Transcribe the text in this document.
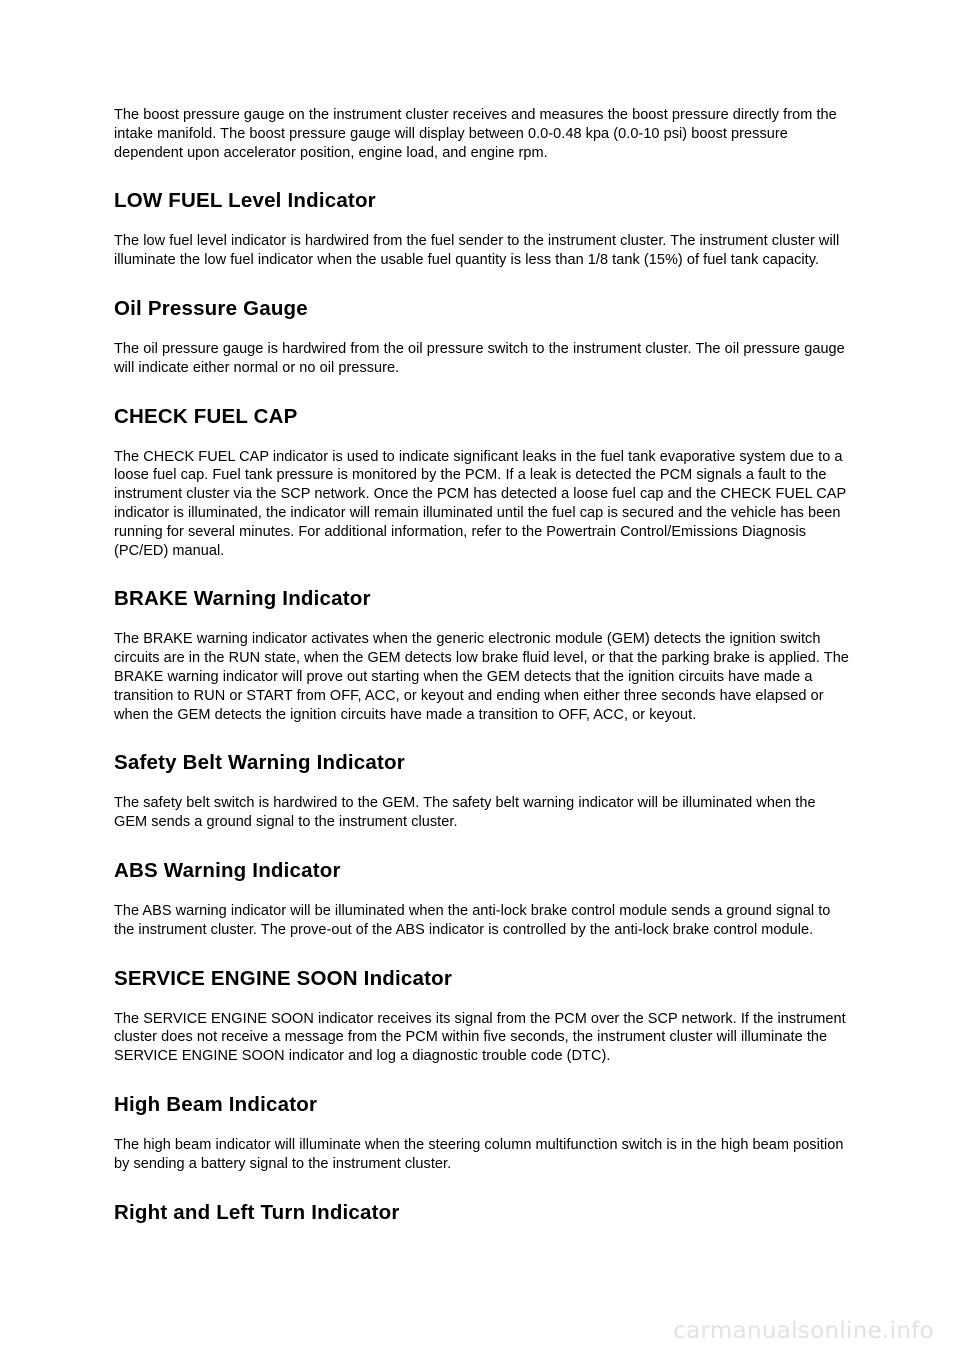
The boost pressure gauge on the instrument cluster receives and measures the boost pressure directly from the intake manifold. The boost pressure gauge will display between 0.0-0.48 kpa (0.0-10 psi) boost pressure dependent upon accelerator position, engine load, and engine rpm.

LOW FUEL Level Indicator

The low fuel level indicator is hardwired from the fuel sender to the instrument cluster. The instrument cluster will illuminate the low fuel indicator when the usable fuel quantity is less than 1/8 tank (15%) of fuel tank capacity.

Oil Pressure Gauge

The oil pressure gauge is hardwired from the oil pressure switch to the instrument cluster. The oil pressure gauge will indicate either normal or no oil pressure.

CHECK FUEL CAP

The CHECK FUEL CAP indicator is used to indicate significant leaks in the fuel tank evaporative system due to a loose fuel cap. Fuel tank pressure is monitored by the PCM. If a leak is detected the PCM signals a fault to the instrument cluster via the SCP network. Once the PCM has detected a loose fuel cap and the CHECK FUEL CAP indicator is illuminated, the indicator will remain illuminated until the fuel cap is secured and the vehicle has been running for several minutes. For additional information, refer to the Powertrain Control/Emissions Diagnosis (PC/ED) manual.

BRAKE Warning Indicator

The BRAKE warning indicator activates when the generic electronic module (GEM) detects the ignition switch circuits are in the RUN state, when the GEM detects low brake fluid level, or that the parking brake is applied. The BRAKE warning indicator will prove out starting when the GEM detects that the ignition circuits have made a transition to RUN or START from OFF, ACC, or keyout and ending when either three seconds have elapsed or when the GEM detects the ignition circuits have made a transition to OFF, ACC, or keyout.

Safety Belt Warning Indicator

The safety belt switch is hardwired to the GEM. The safety belt warning indicator will be illuminated when the GEM sends a ground signal to the instrument cluster.

ABS Warning Indicator

The ABS warning indicator will be illuminated when the anti-lock brake control module sends a ground signal to the instrument cluster. The prove-out of the ABS indicator is controlled by the anti-lock brake control module.

SERVICE ENGINE SOON Indicator

The SERVICE ENGINE SOON indicator receives its signal from the PCM over the SCP network. If the instrument cluster does not receive a message from the PCM within five seconds, the instrument cluster will illuminate the SERVICE ENGINE SOON indicator and log a diagnostic trouble code (DTC).

High Beam Indicator

The high beam indicator will illuminate when the steering column multifunction switch is in the high beam position by sending a battery signal to the instrument cluster.

Right and Left Turn Indicator
carmanualsonline.info
